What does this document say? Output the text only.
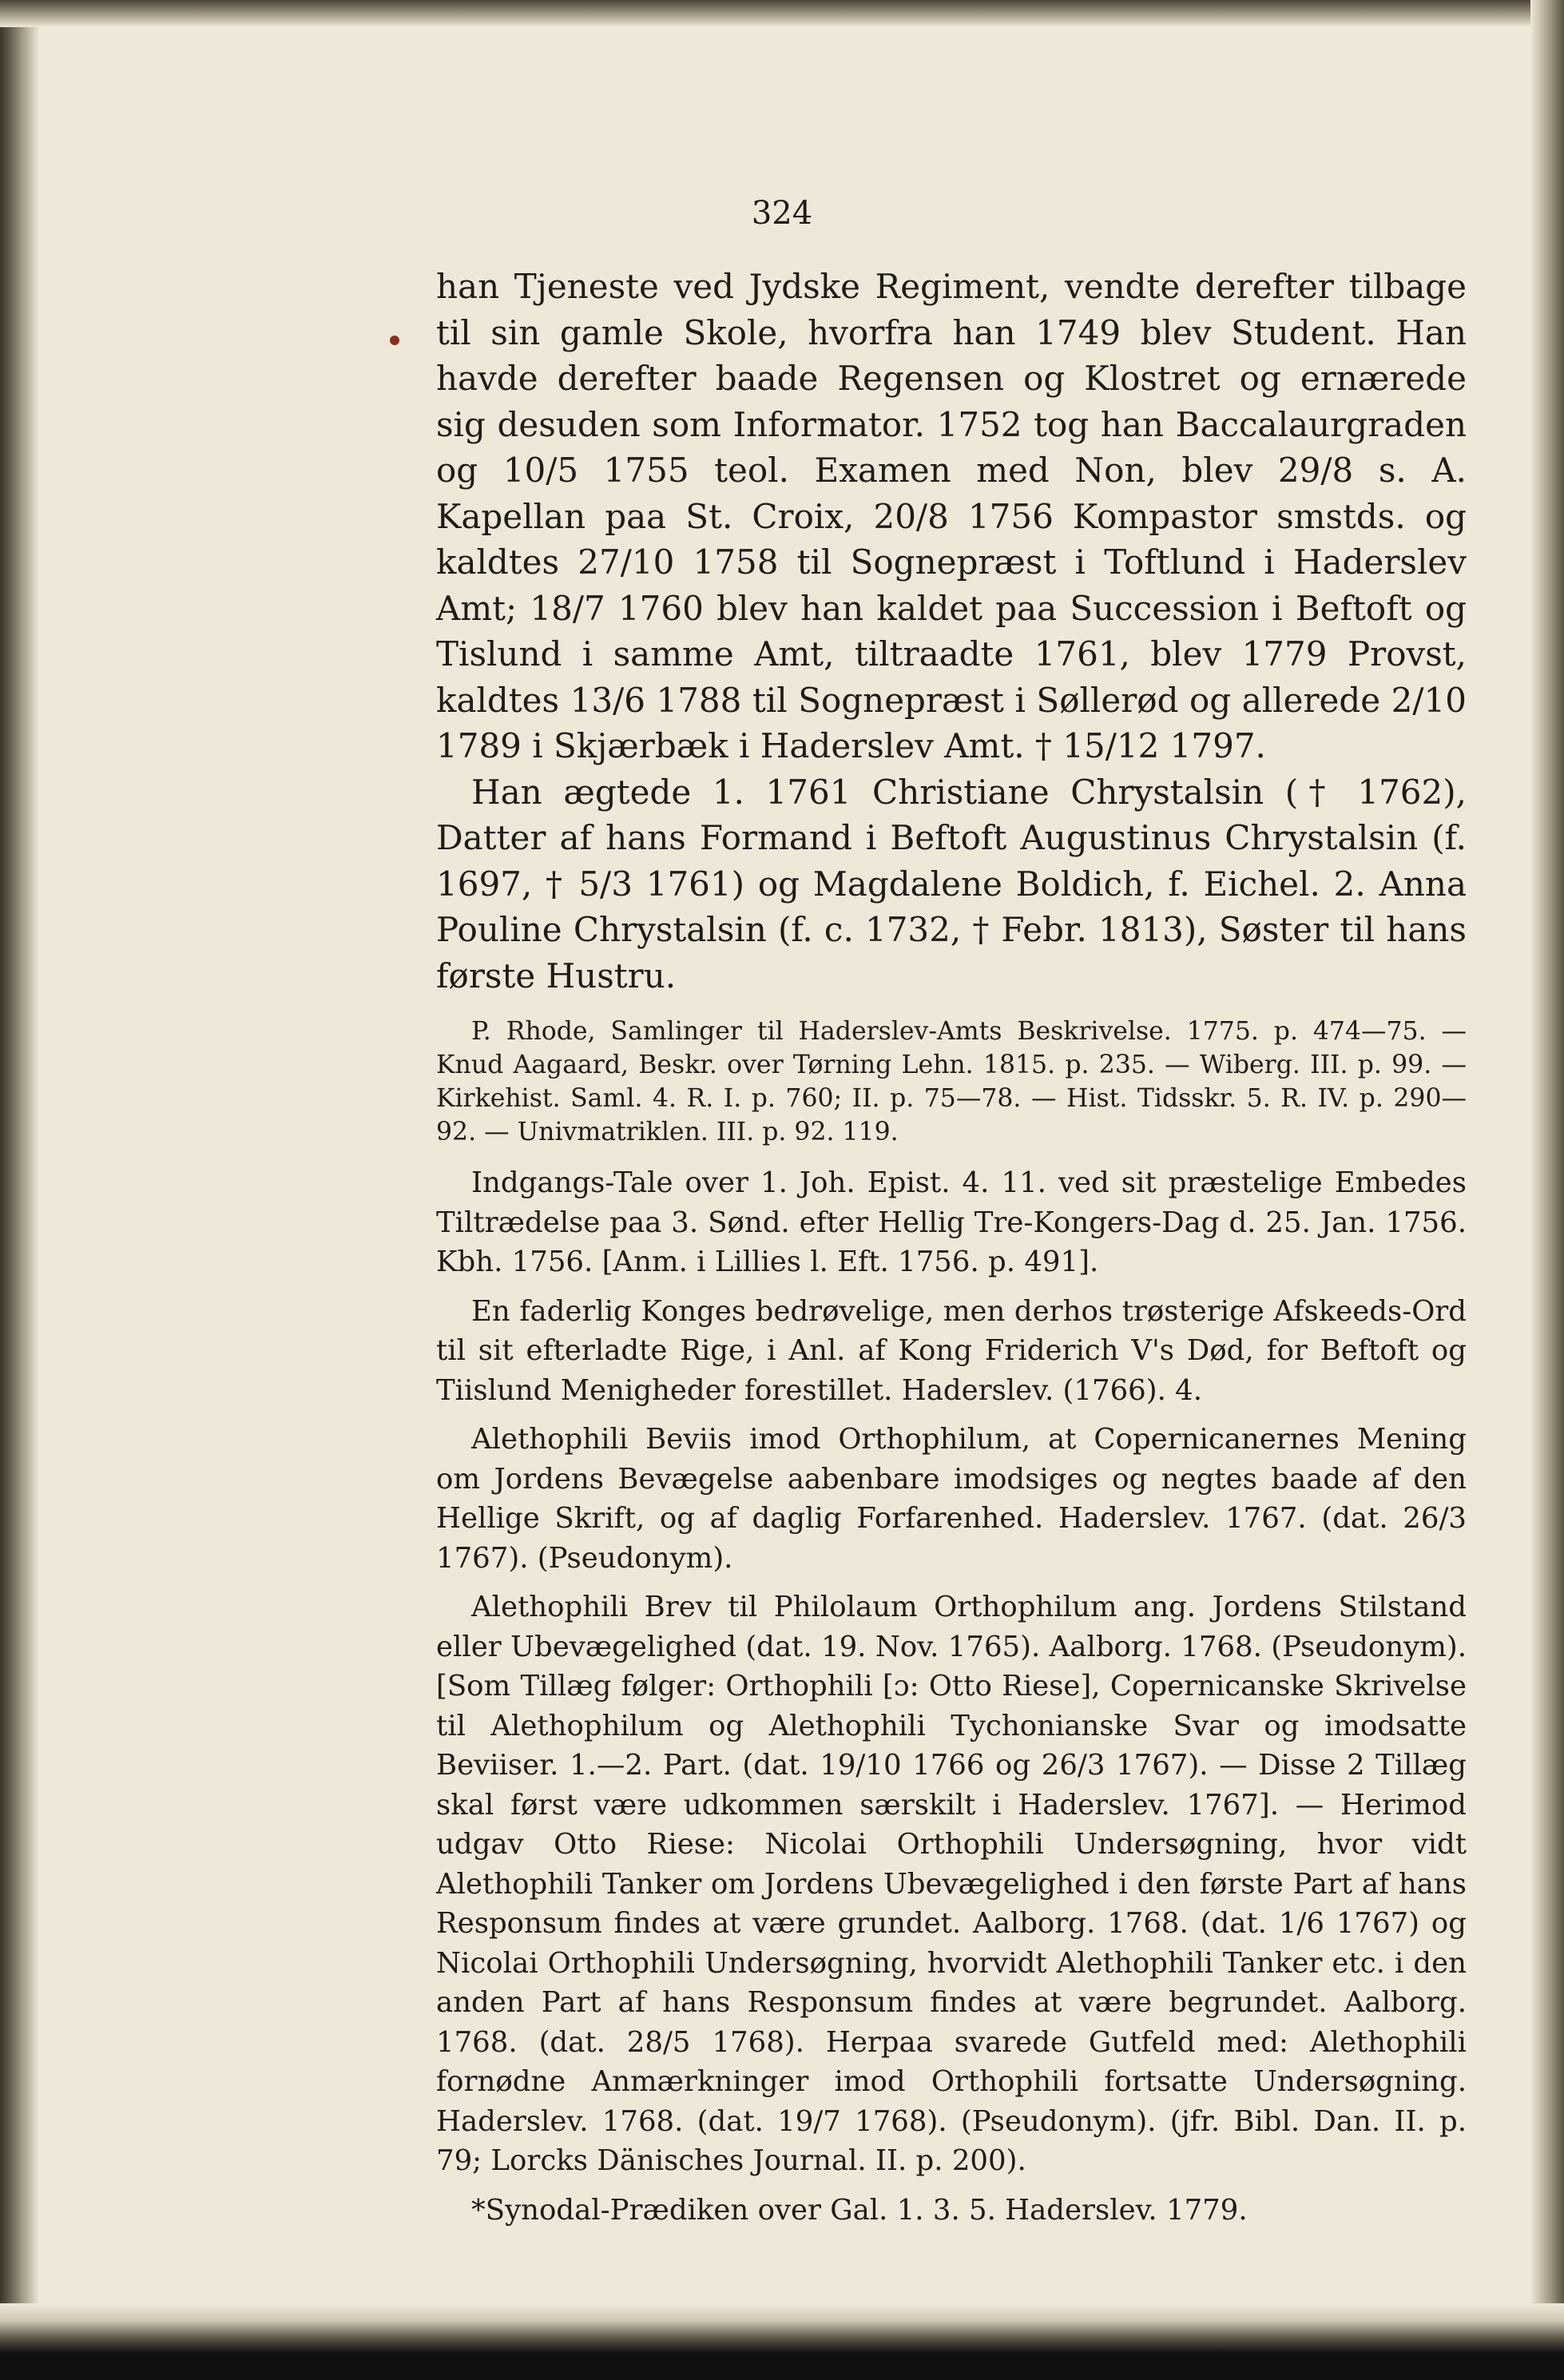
324

han Tjeneste ved Jydske Regiment, vendte derefter tilbage til sin gamle Skole, hvorfra han 1749 blev Student. Han havde derefter baade Regensen og Klostret og ernærede sig desuden som Informator. 1752 tog han Baccalaurgraden og 10/5 1755 teol. Examen med Non, blev 29/8 s. A. Kapellan paa St. Croix, 20/8 1756 Kompastor smstds. og kaldtes 27/10 1758 til Sognepræst i Toftlund i Haderslev Amt; 18/7 1760 blev han kaldet paa Succession i Beftoft og Tislund i samme Amt, tiltraadte 1761, blev 1779 Provst, kaldtes 13/6 1788 til Sognepræst i Søllerød og allerede 2/10 1789 i Skjærbæk i Haderslev Amt. † 15/12 1797.

Han ægtede 1. 1761 Christiane Chrystalsin († 1762), Datter af hans Formand i Beftoft Augustinus Chrystalsin (f. 1697, † 5/3 1761) og Magdalene Boldich, f. Eichel. 2. Anna Pouline Chrystalsin (f. c. 1732, † Febr. 1813), Søster til hans første Hustru.

P. Rhode, Samlinger til Haderslev-Amts Beskrivelse. 1775. p. 474—75. — Knud Aagaard, Beskr. over Tørning Lehn. 1815. p. 235. — Wiberg. III. p. 99. — Kirkehist. Saml. 4. R. I. p. 760; II. p. 75—78. — Hist. Tidsskr. 5. R. IV. p. 290—92. — Univmatriklen. III. p. 92. 119.

Indgangs-Tale over 1. Joh. Epist. 4. 11. ved sit præstelige Embedes Tiltrædelse paa 3. Sønd. efter Hellig Tre-Kongers-Dag d. 25. Jan. 1756. Kbh. 1756. [Anm. i Lillies l. Eft. 1756. p. 491].

En faderlig Konges bedrøvelige, men derhos trøsterige Afskeeds-Ord til sit efterladte Rige, i Anl. af Kong Friderich V's Død, for Beftoft og Tiislund Menigheder forestillet. Haderslev. (1766). 4.

Alethophili Beviis imod Orthophilum, at Copernicanernes Mening om Jordens Bevægelse aabenbare imodsiges og negtes baade af den Hellige Skrift, og af daglig Forfarenhed. Haderslev. 1767. (dat. 26/3 1767). (Pseudonym).

Alethophili Brev til Philolaum Orthophilum ang. Jordens Stilstand eller Ubevægelighed (dat. 19. Nov. 1765). Aalborg. 1768. (Pseudonym). [Som Tillæg følger: Orthophili [ɔ: Otto Riese], Copernicanske Skrivelse til Alethophilum og Alethophili Tychonianske Svar og imodsatte Beviiser. 1.—2. Part. (dat. 19/10 1766 og 26/3 1767). — Disse 2 Tillæg skal først være udkommen særskilt i Haderslev. 1767]. — Herimod udgav Otto Riese: Nicolai Orthophili Undersøgning, hvor vidt Alethophili Tanker om Jordens Ubevægelighed i den første Part af hans Responsum findes at være grundet. Aalborg. 1768. (dat. 1/6 1767) og Nicolai Orthophili Undersøgning, hvorvidt Alethophili Tanker etc. i den anden Part af hans Responsum findes at være begrundet. Aalborg. 1768. (dat. 28/5 1768). Herpaa svarede Gutfeld med: Alethophili fornødne Anmærkninger imod Orthophili fortsatte Undersøgning. Haderslev. 1768. (dat. 19/7 1768). (Pseudonym). (jfr. Bibl. Dan. II. p. 79; Lorcks Dänisches Journal. II. p. 200).

*Synodal-Prædiken over Gal. 1. 3. 5. Haderslev. 1779.
